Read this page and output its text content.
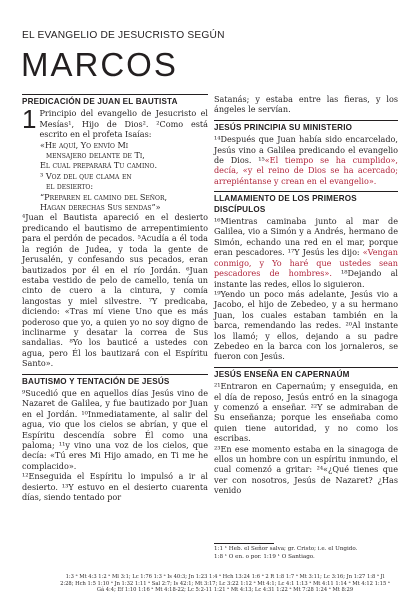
EL EVANGELIO DE JESUCRISTO SEGÚN
MARCOS
PREDICACIÓN DE JUAN EL BAUTISTA

1 Principio del evangelio de Jesucristo el Mesías¹, Hijo de Dios². ²Como está escrito en el profeta Isaías:

«He aquí, Yo envío Mi
mensajero delante de Ti,
El cual preparará Tu camino.
³ Voz del que clama en
el desierto:
“Preparen el camino del Señor,
Hagan derechas Sus sendas”»

⁴Juan el Bautista apareció en el desierto predicando el bautismo de arrepentimiento para el perdón de pecados. ⁵Acudía a él toda la región de Judea, y toda la gente de Jerusalén, y confesando sus pecados, eran bautizados por él en el río Jordán. ⁶Juan estaba vestido de pelo de camello, tenía un cinto de cuero a la cintura, y comía langostas y miel silvestre. ⁷Y predicaba, diciendo: «Tras mí viene Uno que es más poderoso que yo, a quien yo no soy digno de inclinarme y desatar la correa de Sus sandalias. ⁸Yo los bauticé a ustedes con agua, pero Él los bautizará con el Espíritu Santo».

BAUTISMO Y TENTACIÓN DE JESÚS

⁹Sucedió que en aquellos días Jesús vino de Nazaret de Galilea, y fue bautizado por Juan en el Jordán. ¹⁰Inmediatamente, al salir del agua, vio que los cielos se abrían, y que el Espíritu descendía sobre Él como una paloma; ¹¹y vino una voz de los cielos, que decía: «Tú eres Mi Hijo amado, en Ti me he complacido».

¹²Enseguida el Espíritu lo impulsó a ir al desierto. ¹³Y estuvo en el desierto cuarenta días, siendo tentado por

Satanás; y estaba entre las fieras, y los ángeles le servían.

JESÚS PRINCIPIA SU MINISTERIO

¹⁴Después que Juan había sido encarcelado, Jesús vino a Galilea predicando el evangelio de Dios. ¹⁵«El tiempo se ha cumplido», decía, «y el reino de Dios se ha acercado; arrepiéntanse y crean en el evangelio».

LLAMAMIENTO DE LOS PRIMEROS DISCÍPULOS

¹⁶Mientras caminaba junto al mar de Galilea, vio a Simón y a Andrés, hermano de Simón, echando una red en el mar, porque eran pescadores. ¹⁷Y Jesús les dijo: «Vengan conmigo, y Yo haré que ustedes sean pescadores de hombres». ¹⁸Dejando al instante las redes, ellos lo siguieron.

¹⁹Yendo un poco más adelante, Jesús vio a Jacobo, el hijo de Zebedeo, y a su hermano Juan, los cuales estaban también en la barca, remendando las redes. ²⁰Al instante los llamó; y ellos, dejando a su padre Zebedeo en la barca con los jornaleros, se fueron con Jesús.

JESÚS ENSEÑA EN CAPERNAÚM

²¹Entraron en Capernaúm; y enseguida, en el día de reposo, Jesús entró en la sinagoga y comenzó a enseñar. ²²Y se admiraban de Su enseñanza; porque les enseñaba como quien tiene autoridad, y no como los escribas.

²³En ese momento estaba en la sinagoga de ellos un hombre con un espíritu inmundo, el cual comenzó a gritar: ²⁴«¿Qué tienes que ver con nosotros, Jesús de Nazaret? ¿Has venido

1:1 ¹ Heb. el Señor salva; gr. Cristo; i.e. el Ungido.
1:8 ¹ O en. o por. 1:19 ¹ O Santiago.
1:3 ᵃ Mt 4:3 1:2 ᵃ Ml 3:1; Lc 1:76 1:3 ᵃ Is 40:3; Jn 1:23 1:4 ᵃ Hch 13:24 1:6 ᵃ 2 R 1:8 1:7 ᵃ Mt 3:11; Lc 3:16; Jn 1:27 1:8 ᵃ Jl 2:28; Hch 1:5 1:10 ᵃ Jn 1:32 1:11 ᵃ Sal 2:7; Is 42:1; Mt 3:17; Lc 3:22 1:12 ᵃ Mt 4:1; Lc 4:1 1:13 ᵃ Mt 4:11 1:14 ᵃ Mt 4:12 1:15 ᵃ Gá 4:4; Ef 1:10 1:16 ᵃ Mt 4:18-22; Lc 5:2-11 1:21 ᵃ Mt 4:13; Lc 4:31 1:22 ᵃ Mt 7:28 1:24 ᵃ Mt 8:29
